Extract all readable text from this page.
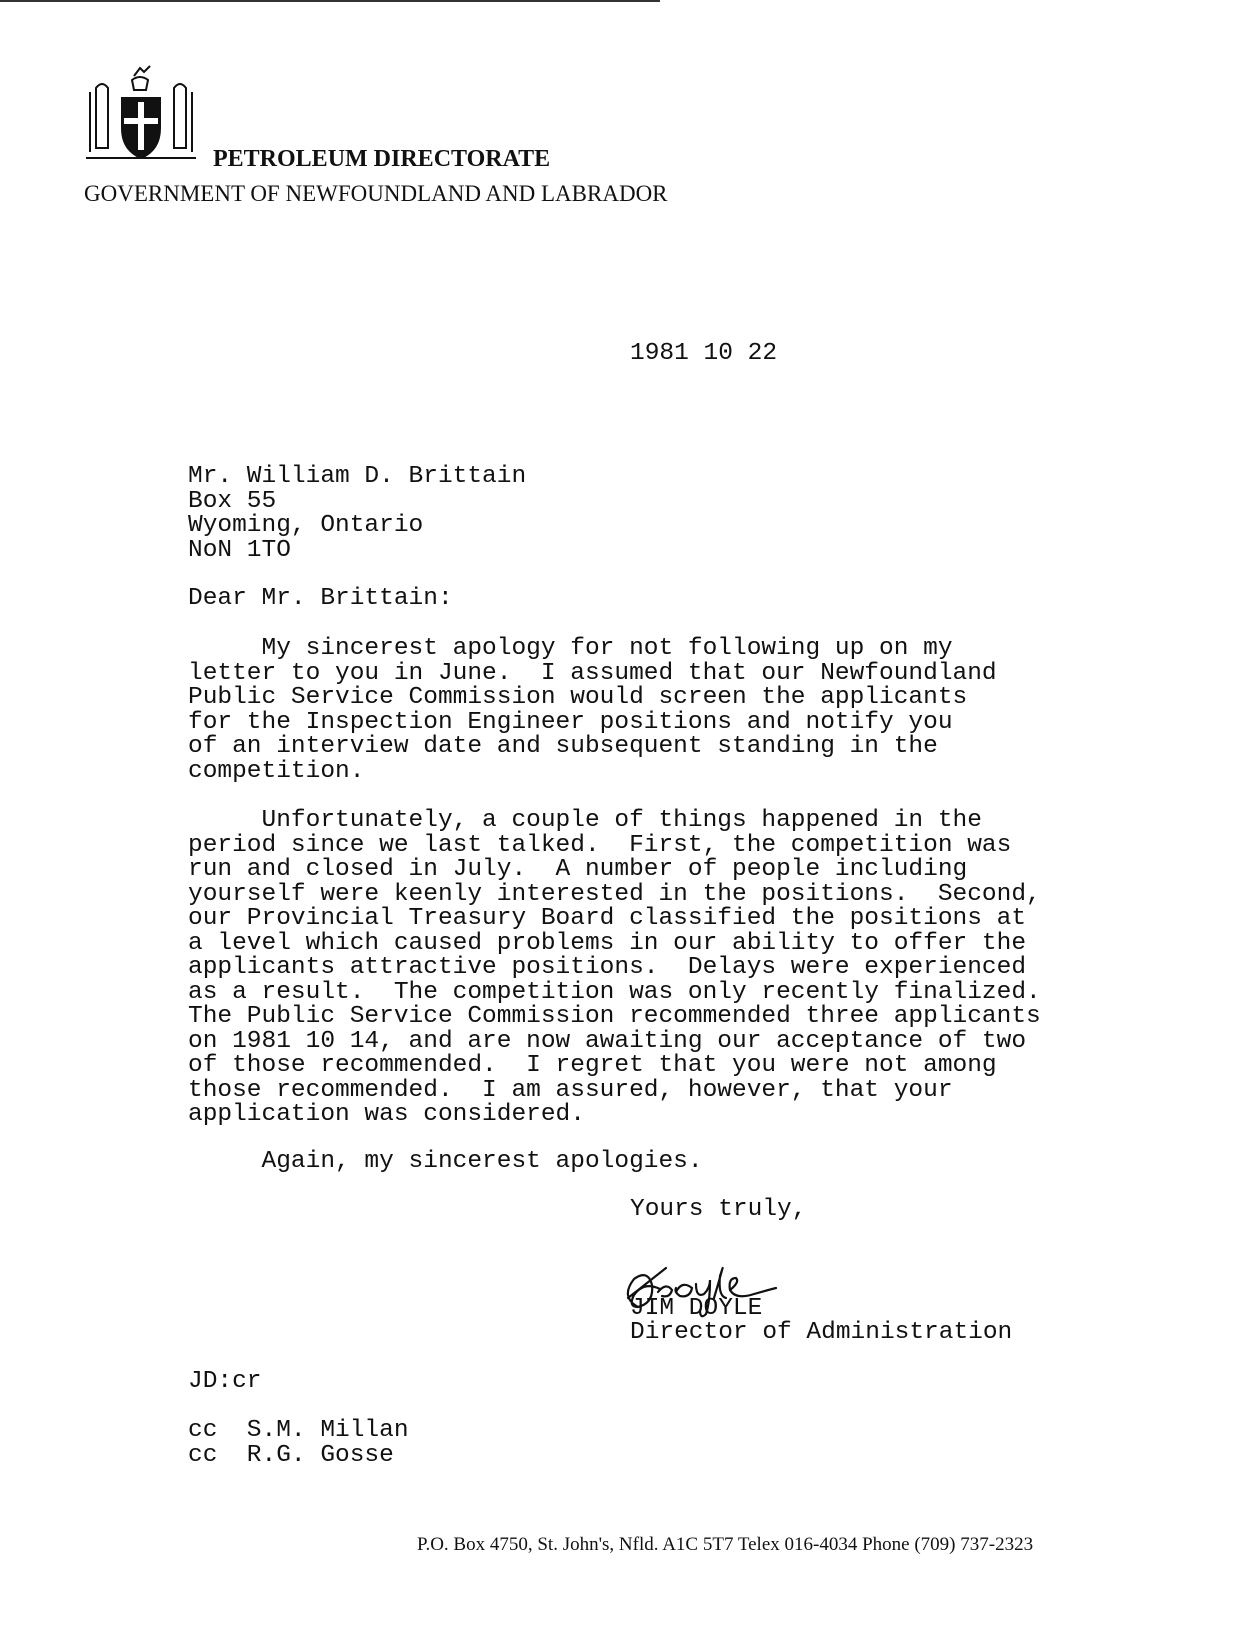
PETROLEUM DIRECTORATE
GOVERNMENT OF NEWFOUNDLAND AND LABRADOR
1981 10 22
Mr. William D. Brittain
Box 55
Wyoming, Ontario
NoN 1TO
Dear Mr. Brittain:
My sincerest apology for not following up on my
letter to you in June.  I assumed that our Newfoundland
Public Service Commission would screen the applicants
for the Inspection Engineer positions and notify you
of an interview date and subsequent standing in the
competition.
Unfortunately, a couple of things happened in the
period since we last talked.  First, the competition was
run and closed in July.  A number of people including
yourself were keenly interested in the positions.  Second,
our Provincial Treasury Board classified the positions at
a level which caused problems in our ability to offer the
applicants attractive positions.  Delays were experienced
as a result.  The competition was only recently finalized.
The Public Service Commission recommended three applicants
on 1981 10 14, and are now awaiting our acceptance of two
of those recommended.  I regret that you were not among
those recommended.  I am assured, however, that your
application was considered.
Again, my sincerest apologies.
Yours truly,
JIM DOYLE
Director of Administration
JD:cr
cc  S.M. Millan
cc  R.G. Gosse
P.O. Box 4750, St. John's, Nfld. A1C 5T7 Telex 016-4034 Phone (709) 737-2323
